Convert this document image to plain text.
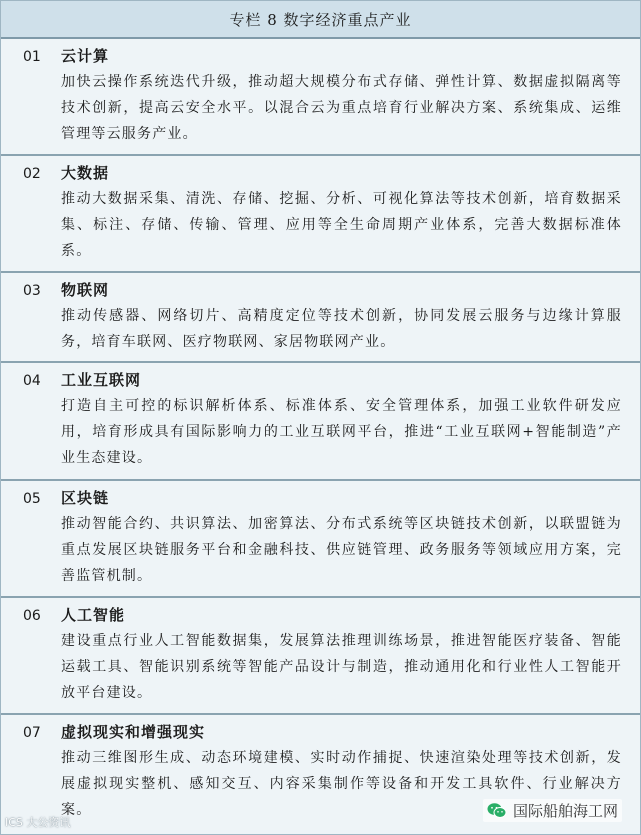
专栏 8 数字经济重点产业
01	云计算
加快云操作系统迭代升级，推动超大规模分布式存储、弹性计算、数据虚拟隔离等技术创新，提高云安全水平。以混合云为重点培育行业解决方案、系统集成、运维管理等云服务产业。
02	大数据
推动大数据采集、清洗、存储、挖掘、分析、可视化算法等技术创新，培育数据采集、标注、存储、传输、管理、应用等全生命周期产业体系，完善大数据标准体系。
03	物联网
推动传感器、网络切片、高精度定位等技术创新，协同发展云服务与边缘计算服务，培育车联网、医疗物联网、家居物联网产业。
04	工业互联网
打造自主可控的标识解析体系、标准体系、安全管理体系，加强工业软件研发应用，培育形成具有国际影响力的工业互联网平台，推进“工业互联网+智能制造”产业生态建设。
05	区块链
推动智能合约、共识算法、加密算法、分布式系统等区块链技术创新，以联盟链为重点发展区块链服务平台和金融科技、供应链管理、政务服务等领域应用方案，完善监管机制。
06	人工智能
建设重点行业人工智能数据集，发展算法推理训练场景，推进智能医疗装备、智能运载工具、智能识别系统等智能产品设计与制造，推动通用化和行业性人工智能开放平台建设。
07	虚拟现实和增强现实
推动三维图形生成、动态环境建模、实时动作捕捉、快速渲染处理等技术创新，发展虚拟现实整机、感知交互、内容采集制作等设备和开发工具软件、行业解决方案。
ICS 大公资讯
国际船舶海工网
